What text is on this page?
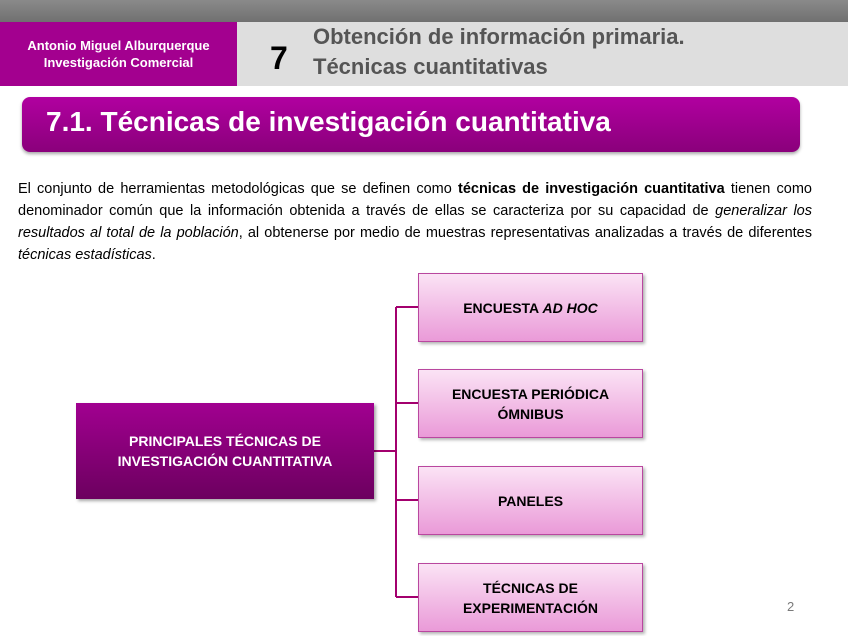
Antonio Miguel Alburquerque
Investigación Comercial 7
Obtención de información primaria.
Técnicas cuantitativas
7.1. Técnicas de investigación cuantitativa

El conjunto de herramientas metodológicas que se definen como técnicas de investigación cuantitativa tienen como denominador común que la información obtenida a través de ellas se caracteriza por su capacidad de generalizar los resultados al total de la población, al obtenerse por medio de muestras representativas analizadas a través de diferentes técnicas estadísticas.

PRINCIPALES TÉCNICAS DE
INVESTIGACIÓN CUANTITATIVA
ENCUESTA AD HOC
ENCUESTA PERIÓDICA
ÓMNIBUS
PANELES
TÉCNICAS DE
EXPERIMENTACIÓN	2
